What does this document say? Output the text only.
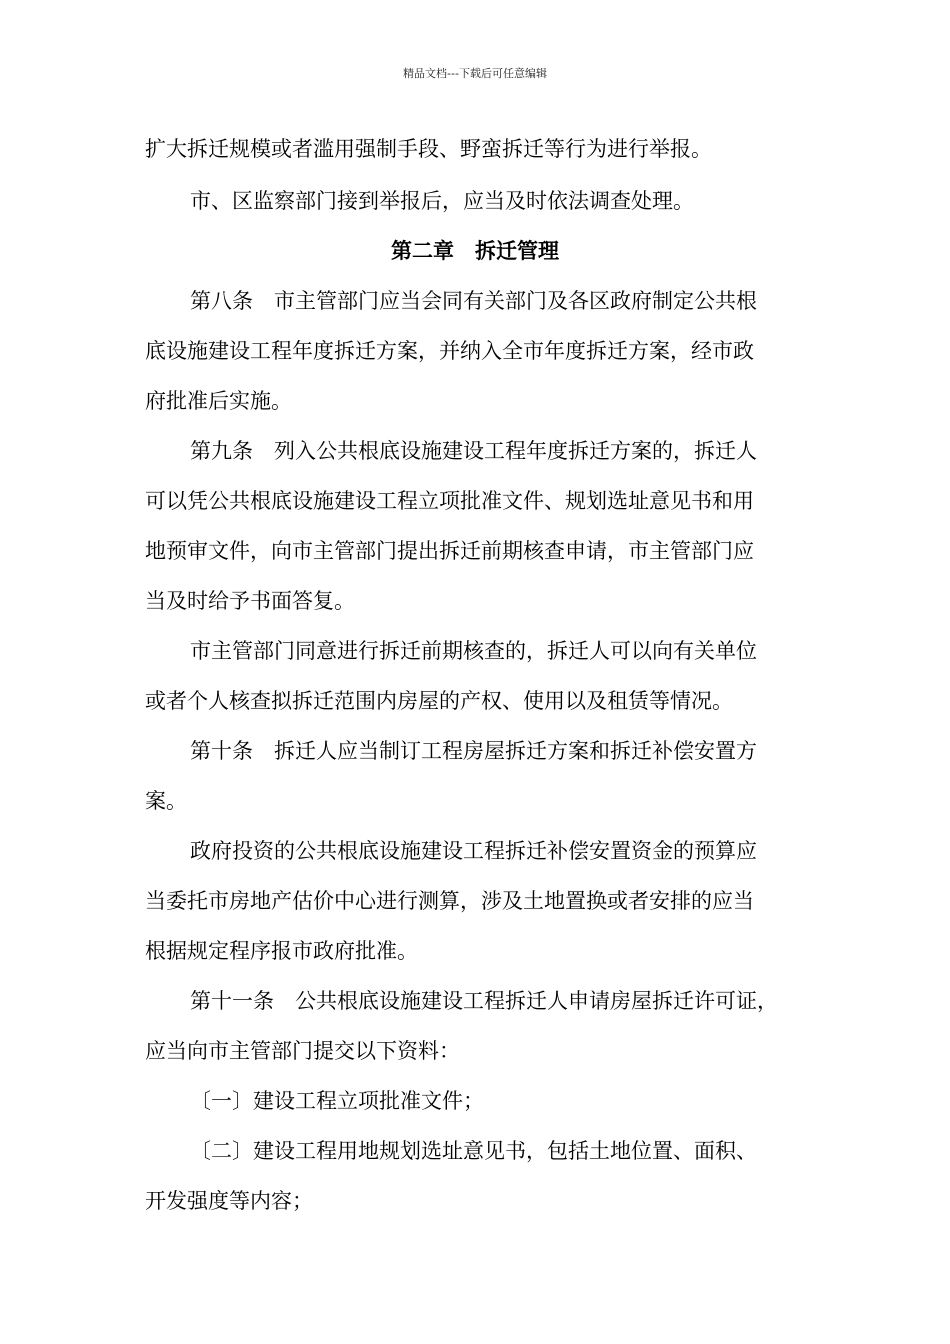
精品文档---下载后可任意编辑
扩大拆迁规模或者滥用强制手段、野蛮拆迁等行为进行举报。
市、区监察部门接到举报后，应当及时依法调查处理。
第二章　拆迁管理
第八条　市主管部门应当会同有关部门及各区政府制定公共根
底设施建设工程年度拆迁方案，并纳入全市年度拆迁方案，经市政
府批准后实施。
第九条　列入公共根底设施建设工程年度拆迁方案的，拆迁人
可以凭公共根底设施建设工程立项批准文件、规划选址意见书和用
地预审文件，向市主管部门提出拆迁前期核查申请，市主管部门应
当及时给予书面答复。
市主管部门同意进行拆迁前期核查的，拆迁人可以向有关单位
或者个人核查拟拆迁范围内房屋的产权、使用以及租赁等情况。
第十条　拆迁人应当制订工程房屋拆迁方案和拆迁补偿安置方
案。
政府投资的公共根底设施建设工程拆迁补偿安置资金的预算应
当委托市房地产估价中心进行测算，涉及土地置换或者安排的应当
根据规定程序报市政府批准。
第十一条　公共根底设施建设工程拆迁人申请房屋拆迁许可证，
应当向市主管部门提交以下资料：
〔一〕建设工程立项批准文件；
〔二〕建设工程用地规划选址意见书，包括土地位置、面积、
开发强度等内容；
